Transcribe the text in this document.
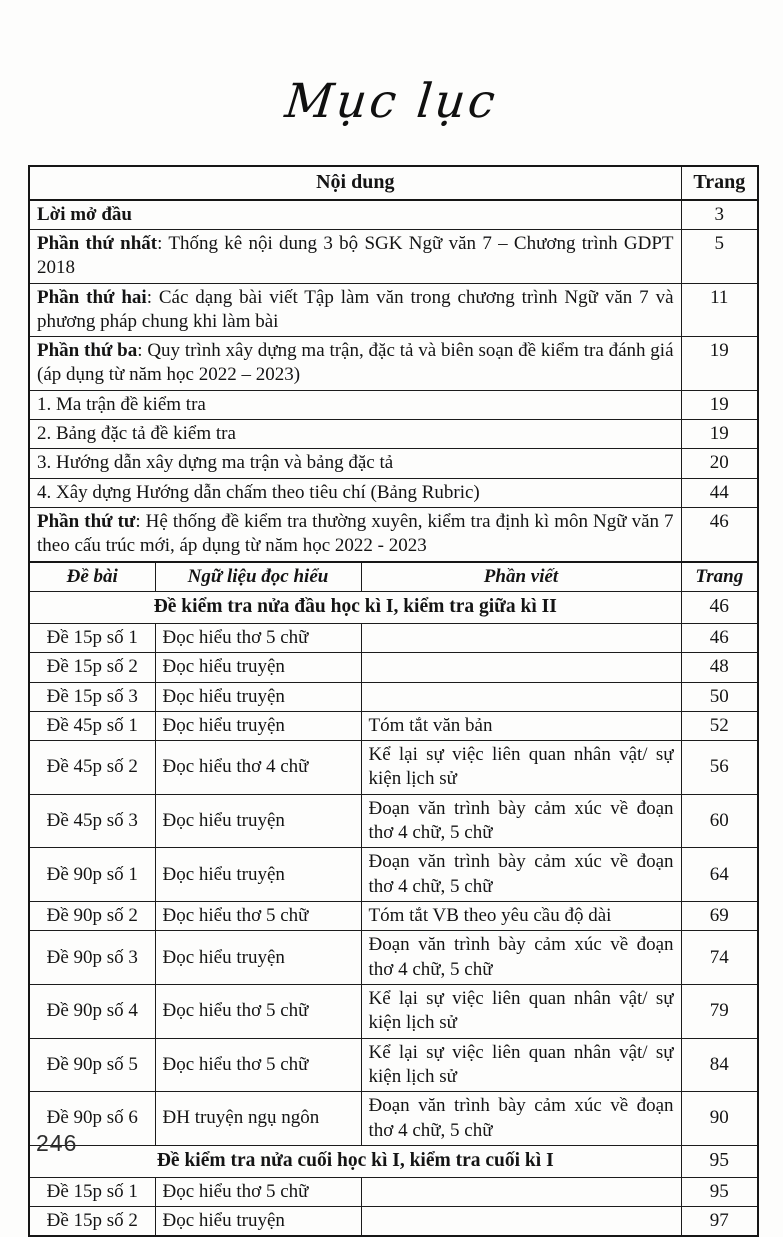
Mục lục
Nội dung			Trang
Lời mở đầu			3
Phần thứ nhất: Thống kê nội dung 3 bộ SGK Ngữ văn 7 – Chương trình GDPT 2018			5
Phần thứ hai: Các dạng bài viết Tập làm văn trong chương trình Ngữ văn 7 và phương pháp chung khi làm bài			11
Phần thứ ba: Quy trình xây dựng ma trận, đặc tả và biên soạn đề kiểm tra đánh giá (áp dụng từ năm học 2022 – 2023)			19
1. Ma trận đề kiểm tra			19
2. Bảng đặc tả đề kiểm tra			19
3. Hướng dẫn xây dựng ma trận và bảng đặc tả			20
4. Xây dựng Hướng dẫn chấm theo tiêu chí (Bảng Rubric)			44
Phần thứ tư: Hệ thống đề kiểm tra thường xuyên, kiểm tra định kì môn Ngữ văn 7 theo cấu trúc mới, áp dụng từ năm học 2022 - 2023			46
Đề bài	Ngữ liệu đọc hiểu	Phần viết	Trang
Đề kiểm tra nửa đầu học kì I, kiểm tra giữa kì II			46
Đề 15p số 1	Đọc hiểu thơ 5 chữ		46
Đề 15p số 2	Đọc hiểu truyện		48
Đề 15p số 3	Đọc hiểu truyện		50
Đề 45p số 1	Đọc hiểu truyện	Tóm tắt văn bản	52
Đề 45p số 2	Đọc hiểu thơ 4 chữ	Kể lại sự việc liên quan nhân vật/ sự kiện lịch sử	56
Đề 45p số 3	Đọc hiểu truyện	Đoạn văn trình bày cảm xúc về đoạn thơ 4 chữ, 5 chữ	60
Đề 90p số 1	Đọc hiểu truyện	Đoạn văn trình bày cảm xúc về đoạn thơ 4 chữ, 5 chữ	64
Đề 90p số 2	Đọc hiểu thơ 5 chữ	Tóm tắt VB theo yêu cầu độ dài	69
Đề 90p số 3	Đọc hiểu truyện	Đoạn văn trình bày cảm xúc về đoạn thơ 4 chữ, 5 chữ	74
Đề 90p số 4	Đọc hiểu thơ 5 chữ	Kể lại sự việc liên quan nhân vật/ sự kiện lịch sử	79
Đề 90p số 5	Đọc hiểu thơ 5 chữ	Kể lại sự việc liên quan nhân vật/ sự kiện lịch sử	84
Đề 90p số 6	ĐH truyện ngụ ngôn	Đoạn văn trình bày cảm xúc về đoạn thơ 4 chữ, 5 chữ	90
Đề kiểm tra nửa cuối học kì I, kiểm tra cuối kì I			95
Đề 15p số 1	Đọc hiểu thơ 5 chữ		95
Đề 15p số 2	Đọc hiểu truyện		97
246
